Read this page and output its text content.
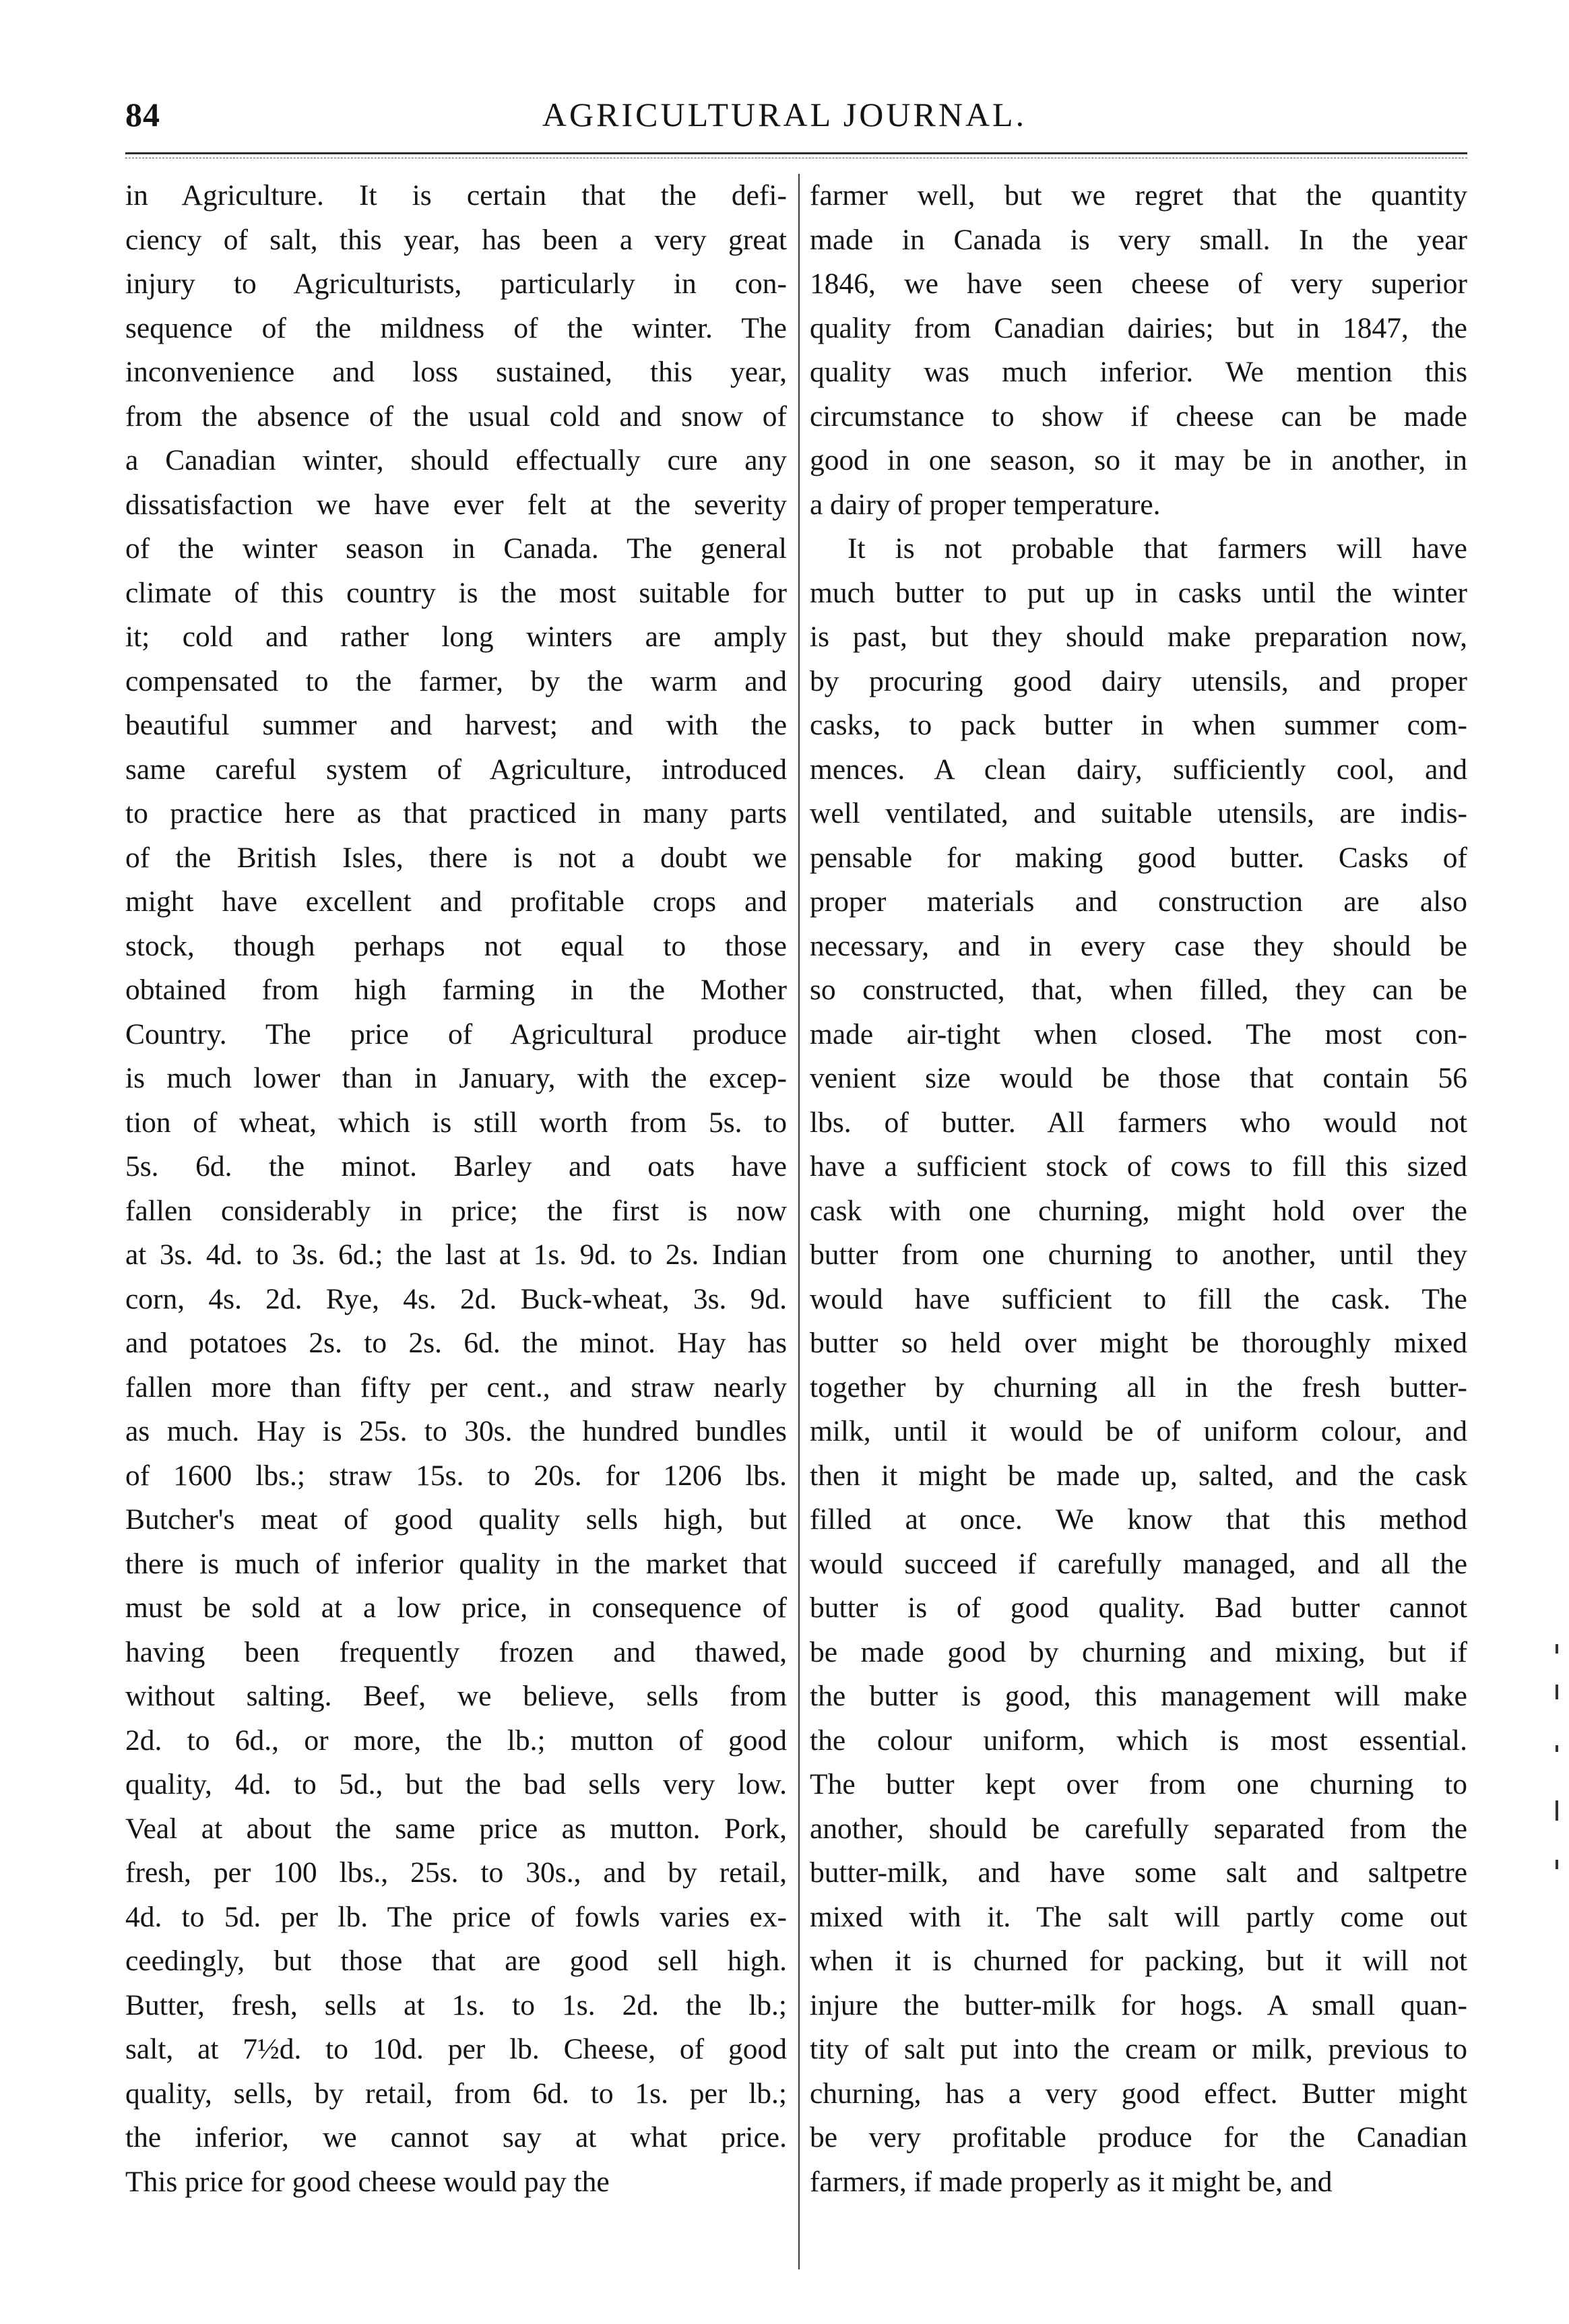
84	AGRICULTURAL JOURNAL.
in Agriculture. It is certain that the defi-
ciency of salt, this year, has been a very great
injury to Agriculturists, particularly in con-
sequence of the mildness of the winter. The
inconvenience and loss sustained, this year,
from the absence of the usual cold and snow of
a Canadian winter, should effectually cure any
dissatisfaction we have ever felt at the severity
of the winter season in Canada. The general
climate of this country is the most suitable for
it; cold and rather long winters are amply
compensated to the farmer, by the warm and
beautiful summer and harvest; and with the
same careful system of Agriculture, introduced
to practice here as that practiced in many parts
of the British Isles, there is not a doubt we
might have excellent and profitable crops and
stock, though perhaps not equal to those
obtained from high farming in the Mother
Country. The price of Agricultural produce
is much lower than in January, with the excep-
tion of wheat, which is still worth from 5s. to
5s. 6d. the minot. Barley and oats have
fallen considerably in price; the first is now
at 3s. 4d. to 3s. 6d.; the last at 1s. 9d. to 2s. Indian
corn, 4s. 2d. Rye, 4s. 2d. Buck-wheat, 3s. 9d.
and potatoes 2s. to 2s. 6d. the minot. Hay has
fallen more than fifty per cent., and straw nearly
as much. Hay is 25s. to 30s. the hundred bundles
of 1600 lbs.; straw 15s. to 20s. for 1206 lbs.
Butcher's meat of good quality sells high, but
there is much of inferior quality in the market that
must be sold at a low price, in consequence of
having been frequently frozen and thawed,
without salting. Beef, we believe, sells from
2d. to 6d., or more, the lb.; mutton of good
quality, 4d. to 5d., but the bad sells very low.
Veal at about the same price as mutton. Pork,
fresh, per 100 lbs., 25s. to 30s., and by retail,
4d. to 5d. per lb. The price of fowls varies ex-
ceedingly, but those that are good sell high.
Butter, fresh, sells at 1s. to 1s. 2d. the lb.;
salt, at 7½d. to 10d. per lb. Cheese, of good
quality, sells, by retail, from 6d. to 1s. per lb.;
the inferior, we cannot say at what price.
This price for good cheese would pay the
farmer well, but we regret that the quantity
made in Canada is very small. In the year
1846, we have seen cheese of very superior
quality from Canadian dairies; but in 1847, the
quality was much inferior. We mention this
circumstance to show if cheese can be made
good in one season, so it may be in another, in
a dairy of proper temperature.
It is not probable that farmers will have
much butter to put up in casks until the winter
is past, but they should make preparation now,
by procuring good dairy utensils, and proper
casks, to pack butter in when summer com-
mences. A clean dairy, sufficiently cool, and
well ventilated, and suitable utensils, are indis-
pensable for making good butter. Casks of
proper materials and construction are also
necessary, and in every case they should be
so constructed, that, when filled, they can be
made air-tight when closed. The most con-
venient size would be those that contain 56
lbs. of butter. All farmers who would not
have a sufficient stock of cows to fill this sized
cask with one churning, might hold over the
butter from one churning to another, until they
would have sufficient to fill the cask. The
butter so held over might be thoroughly mixed
together by churning all in the fresh butter-
milk, until it would be of uniform colour, and
then it might be made up, salted, and the cask
filled at once. We know that this method
would succeed if carefully managed, and all the
butter is of good quality. Bad butter cannot
be made good by churning and mixing, but if
the butter is good, this management will make
the colour uniform, which is most essential.
The butter kept over from one churning to
another, should be carefully separated from the
butter-milk, and have some salt and saltpetre
mixed with it. The salt will partly come out
when it is churned for packing, but it will not
injure the butter-milk for hogs. A small quan-
tity of salt put into the cream or milk, previous to
churning, has a very good effect. Butter might
be very profitable produce for the Canadian
farmers, if made properly as it might be, and
